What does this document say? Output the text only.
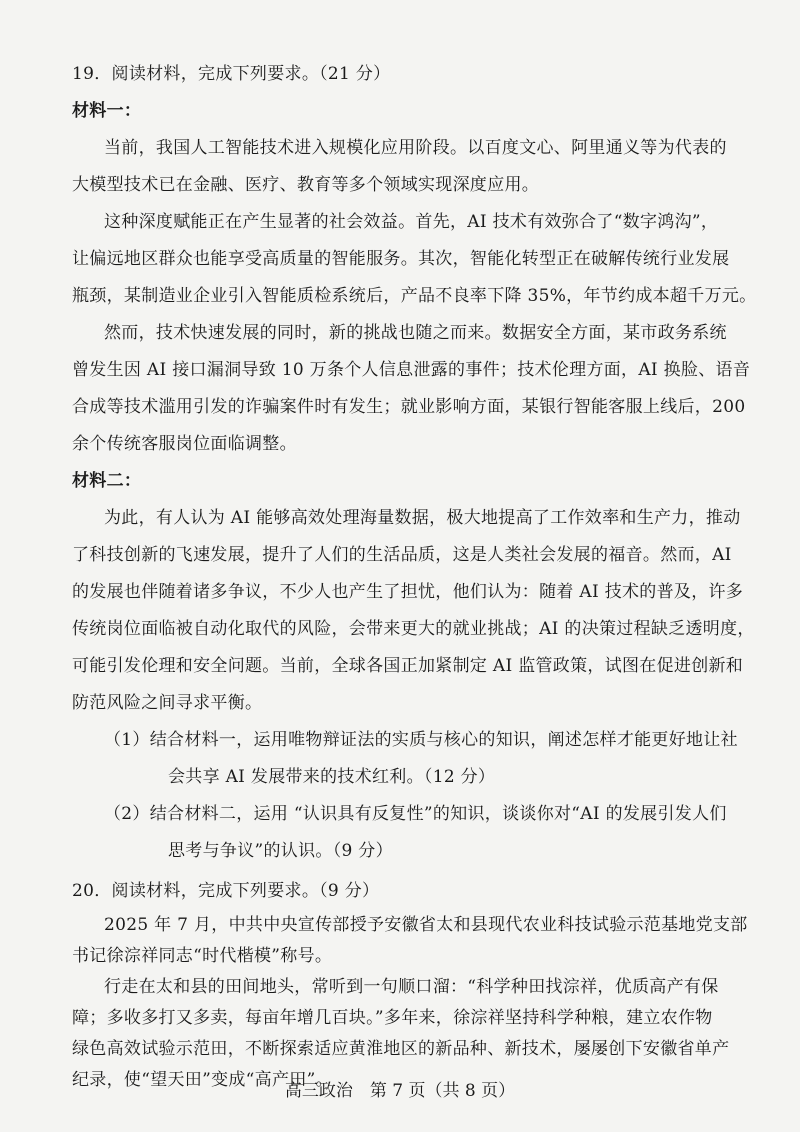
19．阅读材料，完成下列要求。（21 分）
材料一：
当前，我国人工智能技术进入规模化应用阶段。以百度文心、阿里通义等为代表的
大模型技术已在金融、医疗、教育等多个领域实现深度应用。
这种深度赋能正在产生显著的社会效益。首先，AI 技术有效弥合了“数字鸿沟”，
让偏远地区群众也能享受高质量的智能服务。其次，智能化转型正在破解传统行业发展
瓶颈，某制造业企业引入智能质检系统后，产品不良率下降 35%，年节约成本超千万元。
然而，技术快速发展的同时，新的挑战也随之而来。数据安全方面，某市政务系统
曾发生因 AI 接口漏洞导致 10 万条个人信息泄露的事件；技术伦理方面，AI 换脸、语音
合成等技术滥用引发的诈骗案件时有发生；就业影响方面，某银行智能客服上线后，200
余个传统客服岗位面临调整。
材料二：
为此，有人认为 AI 能够高效处理海量数据，极大地提高了工作效率和生产力，推动
了科技创新的飞速发展，提升了人们的生活品质，这是人类社会发展的福音。然而，AI
的发展也伴随着诸多争议，不少人也产生了担忧，他们认为：随着 AI 技术的普及，许多
传统岗位面临被自动化取代的风险，会带来更大的就业挑战；AI 的决策过程缺乏透明度，
可能引发伦理和安全问题。当前，全球各国正加紧制定 AI 监管政策，试图在促进创新和
防范风险之间寻求平衡。
（1）结合材料一，运用唯物辩证法的实质与核心的知识，阐述怎样才能更好地让社
会共享 AI 发展带来的技术红利。（12 分）
（2）结合材料二，运用 “认识具有反复性”的知识，谈谈你对“AI 的发展引发人们
思考与争议”的认识。（9 分）
20．阅读材料，完成下列要求。（9 分）
2025 年 7 月，中共中央宣传部授予安徽省太和县现代农业科技试验示范基地党支部
书记徐淙祥同志“时代楷模”称号。
行走在太和县的田间地头，常听到一句顺口溜：“科学种田找淙祥，优质高产有保
障；多收多打又多卖，每亩年增几百块。”多年来，徐淙祥坚持科学种粮，建立农作物
高三政治　第 7 页（共 8 页）
绿色高效试验示范田，不断探索适应黄淮地区的新品种、新技术，屡屡创下安徽省单产
纪录，使“望天田”变成“高产田”。
